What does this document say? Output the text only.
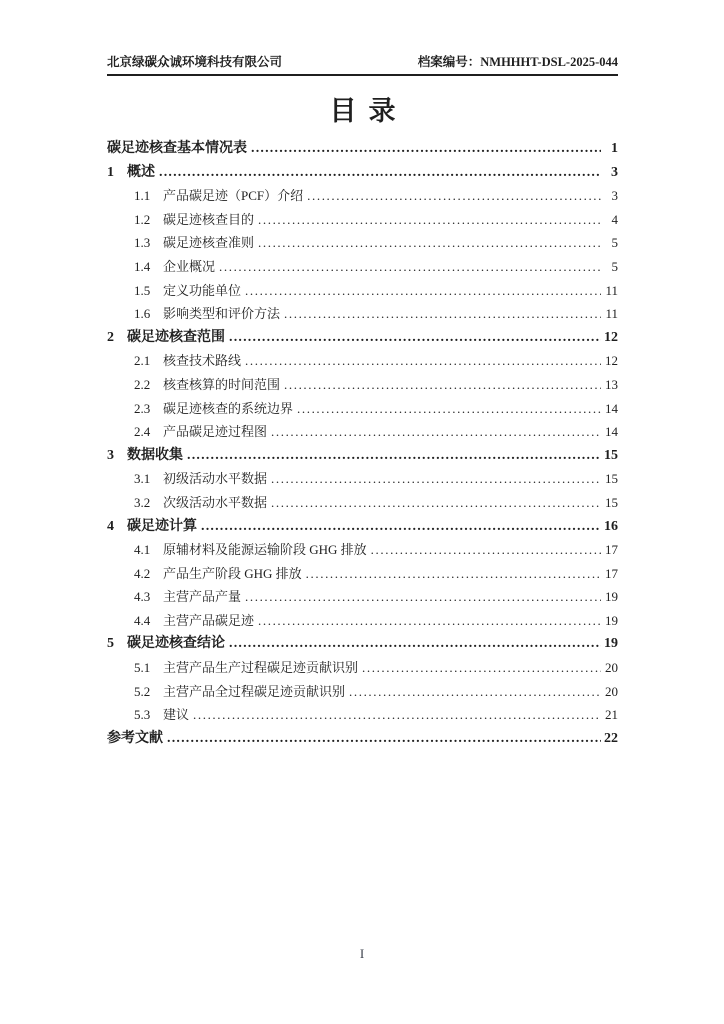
北京绿碳众诚环境科技有限公司	档案编号：NMHHHT-DSL-2025-044
目录
碳足迹核查基本情况表 .....	1
1 概述 .....	3
1.1 产品碳足迹（PCF）介绍 .....	3
1.2 碳足迹核查目的 .....	4
1.3 碳足迹核查准则 .....	5
1.4 企业概况 .....	5
1.5 定义功能单位 .....	11
1.6 影响类型和评价方法 .....	11
2 碳足迹核查范围 .....	12
2.1 核查技术路线 .....	12
2.2 核查核算的时间范围 .....	13
2.3 碳足迹核查的系统边界 .....	14
2.4 产品碳足迹过程图 .....	14
3 数据收集 .....	15
3.1 初级活动水平数据 .....	15
3.2 次级活动水平数据 .....	15
4 碳足迹计算 .....	16
4.1 原辅材料及能源运输阶段 GHG 排放 .....	17
4.2 产品生产阶段 GHG 排放 .....	17
4.3 主营产品产量 .....	19
4.4 主营产品碳足迹 .....	19
5 碳足迹核查结论 .....	19
5.1 主营产品生产过程碳足迹贡献识别 .....	20
5.2 主营产品全过程碳足迹贡献识别 .....	20
5.3 建议 .....	21
参考文献 .....	22
I
